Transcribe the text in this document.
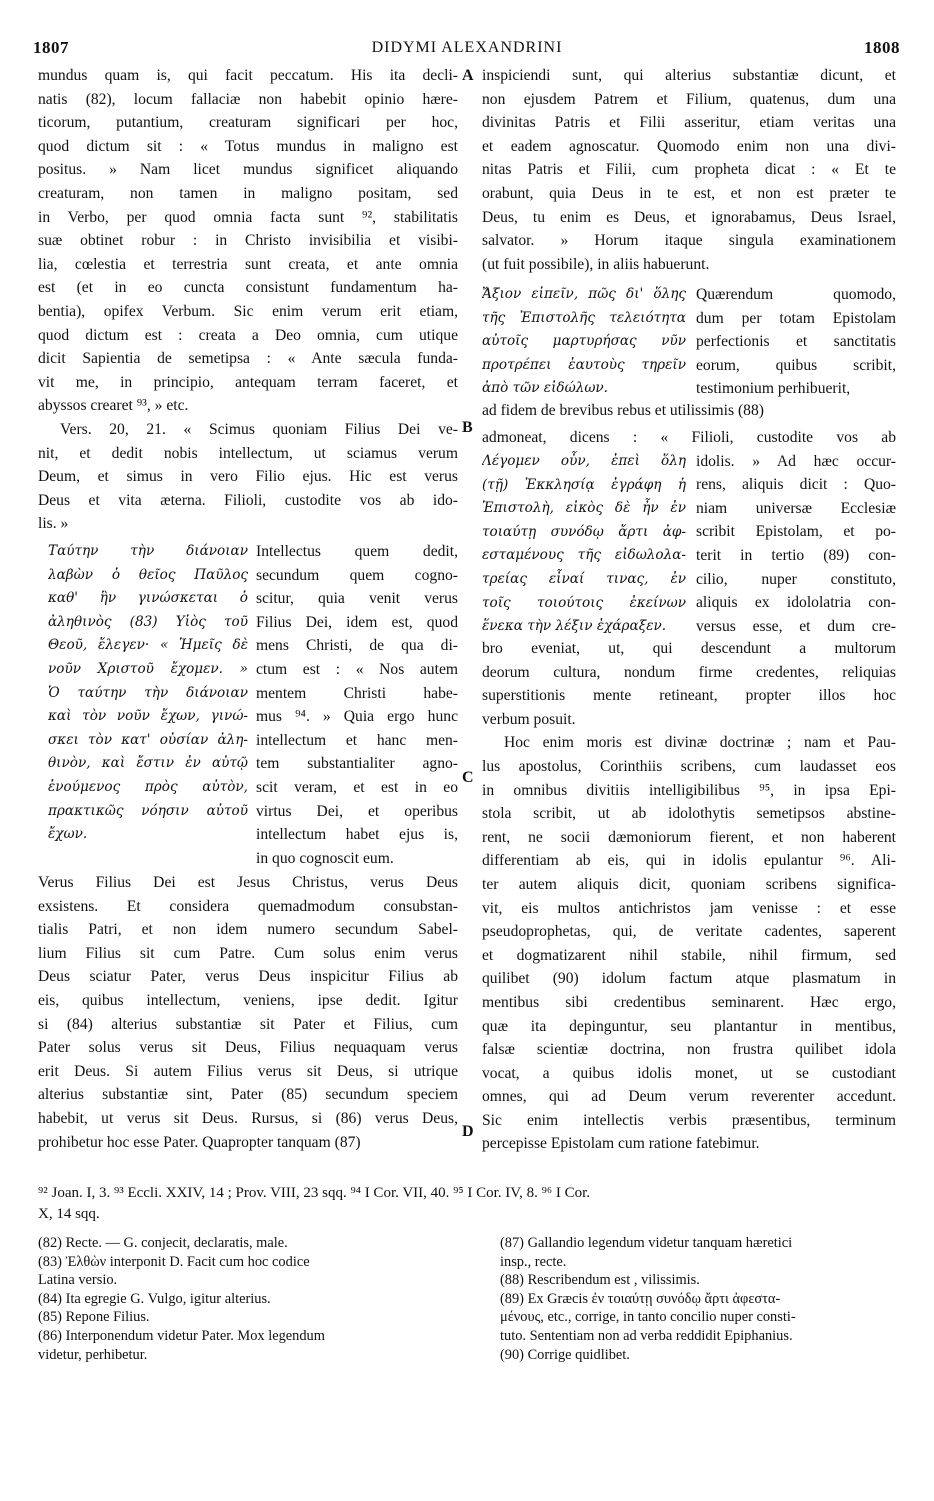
1807	DIDYMI ALEXANDRINI	1808
A
B
C
D
mundus quam is, qui facit peccatum. His ita decli-
natis (82), locum fallaciæ non habebit opinio hære-
ticorum, putantium, creaturam significari per hoc,
quod dictum sit : « Totus mundus in maligno est
positus. » Nam licet mundus significet aliquando
creaturam, non tamen in maligno positam, sed
in Verbo, per quod omnia facta sunt ⁹², stabilitatis
suæ obtinet robur : in Christo invisibilia et visibi-
lia, cœlestia et terrestria sunt creata, et ante omnia
est (et in eo cuncta consistunt fundamentum ha-
bentia), opifex Verbum. Sic enim verum erit etiam,
quod dictum est : creata a Deo omnia, cum utique
dicit Sapientia de semetipsa : « Ante sæcula funda-
vit me, in principio, antequam terram faceret, et
abyssos crearet ⁹³, » etc.
Vers. 20, 21. « Scimus quoniam Filius Dei ve-
nit, et dedit nobis intellectum, ut sciamus verum
Deum, et simus in vero Filio ejus. Hic est verus
Deus et vita æterna. Filioli, custodite vos ab ido-
lis. »
Ταύτην τὴν διάνοιαν
λαβὼν ὁ θεῖος Παῦλος
καθ' ἣν γινώσκεται ὁ
ἀληθινὸς (83) Υἱὸς τοῦ
Θεοῦ, ἔλεγεν· « Ἡμεῖς δὲ
νοῦν Χριστοῦ ἔχομεν. »
Ὁ ταύτην τὴν διάνοιαν
καὶ τὸν νοῦν ἔχων, γινώ-
σκει τὸν κατ' οὐσίαν ἀλη-
θινὸν, καὶ ἔστιν ἐν αὐτῷ
ἑνούμενος πρὸς αὐτὸν,
πρακτικῶς νόησιν αὐτοῦ
ἔχων.
Intellectus quem dedit,
secundum quem cogno-
scitur, quia venit verus
Filius Dei, idem est, quod
mens Christi, de qua di-
ctum est : « Nos autem
mentem Christi habe-
mus ⁹⁴. » Quia ergo hunc
intellectum et hanc men-
tem substantialiter agno-
scit veram, et est in eo
virtus Dei, et operibus
intellectum habet ejus is,
in quo cognoscit eum.
Verus Filius Dei est Jesus Christus, verus Deus
exsistens. Et considera quemadmodum consubstan-
tialis Patri, et non idem numero secundum Sabel-
lium Filius sit cum Patre. Cum solus enim verus
Deus sciatur Pater, verus Deus inspicitur Filius ab
eis, quibus intellectum, veniens, ipse dedit. Igitur
si (84) alterius substantiæ sit Pater et Filius, cum
Pater solus verus sit Deus, Filius nequaquam verus
erit Deus. Si autem Filius verus sit Deus, si utrique
alterius substantiæ sint, Pater (85) secundum speciem
habebit, ut verus sit Deus. Rursus, si (86) verus Deus,
prohibetur hoc esse Pater. Quapropter tanquam (87)
inspiciendi sunt, qui alterius substantiæ dicunt, et
non ejusdem Patrem et Filium, quatenus, dum una
divinitas Patris et Filii asseritur, etiam veritas una
et eadem agnoscatur. Quomodo enim non una divi-
nitas Patris et Filii, cum propheta dicat : « Et te
orabunt, quia Deus in te est, et non est præter te
Deus, tu enim es Deus, et ignorabamus, Deus Israel,
salvator. » Horum itaque singula examinationem
(ut fuit possibile), in aliis habuerunt.
Ἄξιον εἰπεῖν, πῶς δι' ὅλης
τῆς Ἐπιστολῆς τελειότητα
αὐτοῖς μαρτυρήσας νῦν
προτρέπει ἑαυτοὺς τηρεῖν
ἀπὸ τῶν εἰδώλων.
Quærendum quomodo,
dum per totam Epistolam
perfectionis et sanctitatis
eorum, quibus scribit,
testimonium perhibuerit,
ad fidem de brevibus rebus et utilissimis (88)
Λέγομεν οὖν, ἐπεὶ ὅλη
(τῇ) Ἐκκλησίᾳ ἐγράφη ἡ
Ἐπιστολὴ, εἰκὸς δὲ ἦν ἐν
τοιαύτῃ συνόδῳ ἄρτι ἀφ-
εσταμένους τῆς εἰδωλολα-
τρείας εἶναί τινας, ἐν
τοῖς τοιούτοις ἐκείνων
ἕνεκα τὴν λέξιν ἐχάραξεν.
admoneat, dicens : « Filioli, custodite vos ab
idolis. » Ad hæc occur-
rens, aliquis dicit : Quo-
niam universæ Ecclesiæ
scribit Epistolam, et po-
terit in tertio (89) con-
cilio, nuper constituto,
aliquis ex idololatria con-
versus esse, et dum cre-
bro eveniat, ut, qui descendunt a multorum
deorum cultura, nondum firme credentes, reliquias
superstitionis mente retineant, propter illos hoc
verbum posuit.
Hoc enim moris est divinæ doctrinæ ; nam et Pau-
lus apostolus, Corinthiis scribens, cum laudasset eos
in omnibus divitiis intelligibilibus ⁹⁵, in ipsa Epi-
stola scribit, ut ab idolothytis semetipsos abstine-
rent, ne socii dæmoniorum fierent, et non haberent
differentiam ab eis, qui in idolis epulantur ⁹⁶. Ali-
ter autem aliquis dicit, quoniam scribens significa-
vit, eis multos antichristos jam venisse : et esse
pseudoprophetas, qui, de veritate cadentes, saperent
et dogmatizarent nihil stabile, nihil firmum, sed
quilibet (90) idolum factum atque plasmatum in
mentibus sibi credentibus seminarent. Hæc ergo,
quæ ita depinguntur, seu plantantur in mentibus,
falsæ scientiæ doctrina, non frustra quilibet idola
vocat, a quibus idolis monet, ut se custodiant
omnes, qui ad Deum verum reverenter accedunt.
Sic enim intellectis verbis præsentibus, terminum
percepisse Epistolam cum ratione fatebimur.
⁹² Joan. I, 3. ⁹³ Eccli. XXIV, 14 ; Prov. VIII, 23 sqq. ⁹⁴ I Cor. VII, 40. ⁹⁵ I Cor. IV, 8. ⁹⁶ I Cor.
X, 14 sqq.
(82) Recte. — G. conjecit, declaratis, male.
(83) Ἐλθὼν interponit D. Facit cum hoc codice
Latina versio.
(84) Ita egregie G. Vulgo, igitur alterius.
(85) Repone Filius.
(86) Interponendum videtur Pater. Mox legendum
videtur, perhibetur.
(87) Gallandio legendum videtur tanquam hæretici
insp., recte.
(88) Rescribendum est , vilissimis.
(89) Ex Græcis ἐν τοιαύτῃ συνόδῳ ἄρτι ἀφεστα-
μένους, etc., corrige, in tanto concilio nuper consti-
tuto. Sententiam non ad verba reddidit Epiphanius.
(90) Corrige quidlibet.
